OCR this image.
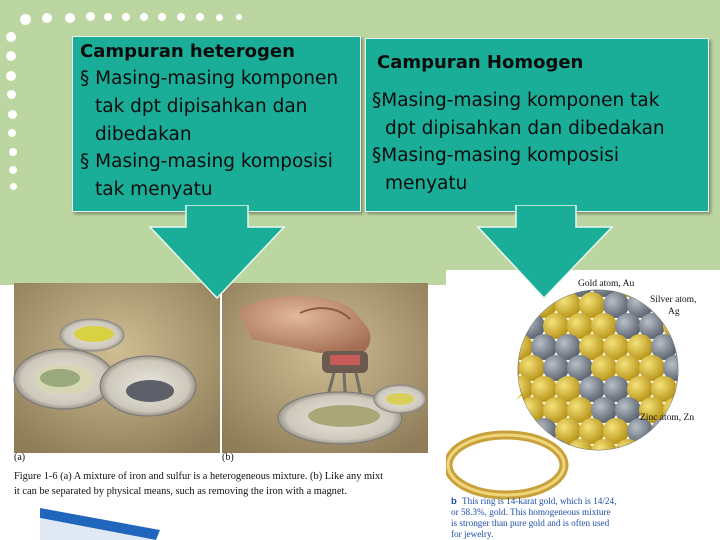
Campuran heterogen
§ Masing-masing komponen
tak dpt dipisahkan dan
dibedakan
§ Masing-masing komposisi
tak menyatu
Campuran Homogen
§Masing-masing komponen tak
dpt dipisahkan dan dibedakan
§Masing-masing komposisi
menyatu
(a)	(b)
Figure 1-6 (a) A mixture of iron and sulfur is a heterogeneous mixture. (b) Like any mixt
it can be separated by physical means, such as removing the iron with a magnet.
Gold atom, Au
Silver atom,
Ag
Zinc atom, Zn
b This ring is 14-karat gold, which is 14/24,
or 58.3%, gold. This homogeneous mixture
is stronger than pure gold and is often used
for jewelry.
